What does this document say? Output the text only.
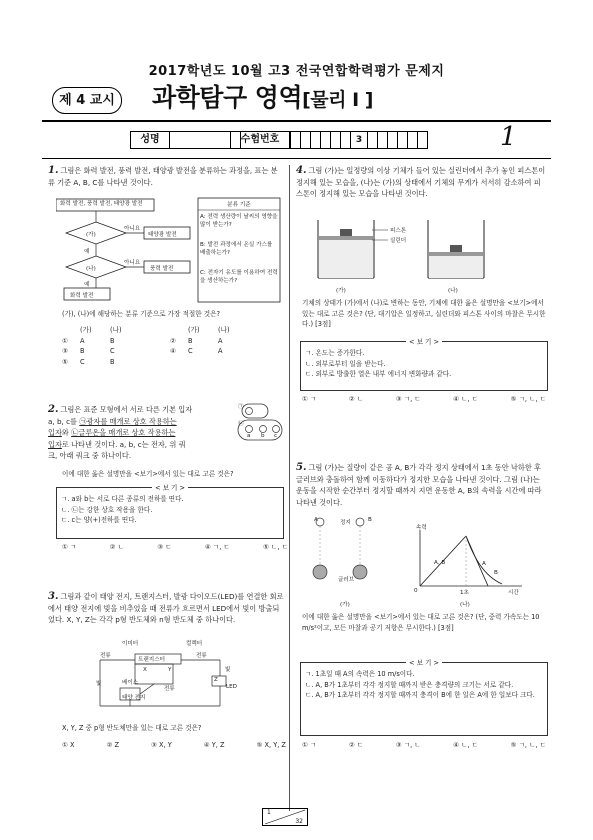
2017학년도 10월 고3 전국연합학력평가 문제지
제 4 교시 과학탐구 영역[물리 I ]
성명	수험번호	3	1
1. 그림은 화력 발전, 풍력 발전, 태양광 발전을 분류하는 과정을, 표는 분류 기준 A, B, C를 나타낸 것이다.
화력 발전, 풍력 발전, 태양광 발전
(가)
(나)
아니요
아니요
예
예
태양광 발전
풍력 발전
화력 발전
분류 기준
A: 전력 생산량이 날씨의 영향을 많이 받는가?
B: 발전 과정에서 온실 가스를 배출하는가?
C: 전자기 유도를 이용하여 전력을 생산하는가?
(가), (나)에 해당하는 분류 기준으로 가장 적절한 것은?
(가)	(나)	(가)	(나)
①	A	B	②	B	A
③	B	C	④	C	A
⑤	C	B
2. 그림은 표준 모형에서 서로 다른 기본 입자
a, b, c를 ㉠광자를 매개로 상호 작용하는
입자와 ㉡글루온을 매개로 상호 작용하는
입자로 나타낸 것이다. a, b, c는 전자, 위 쿼
크, 아래 쿼크 중 하나이다.
㉠
㉡
a b c
이에 대한 옳은 설명만을 <보기>에서 있는 대로 고른 것은?
< 보 기 >
ㄱ. a와 b는 서로 다른 종류의 전하를 띤다.
ㄴ. ㉡는 강한 상호 작용을 한다.
ㄷ. c는 양(+)전하를 띤다.
① ㄱ	② ㄴ	③ ㄷ	④ ㄱ, ㄷ	⑤ ㄴ, ㄷ
3. 그림과 같이 태양 전지, 트랜지스터, 발광 다이오드(LED)를 연결한 회로에서 태양 전지에 빛을 비추었을 때 전류가 흐르면서 LED에서 빛이 방출되었다. X, Y, Z는 각각 p형 반도체와 n형 반도체 중 하나이다.
이미터	컬렉터
전류
트랜지스터
전류
X	Y	빛
빛	베이스
전류
Z
LED
태양 전지
X, Y, Z 중 p형 반도체만을 있는 대로 고른 것은?
① X	② Z	③ X, Y	④ Y, Z	⑤ X, Y, Z
4. 그림 (가)는 일정량의 이상 기체가 들어 있는 실린더에서 추가 놓인 피스톤이 정지해 있는 모습을, (나)는 (가)의 상태에서 기체의 무게가 서서히 감소하여 피스톤이 정지해 있는 모습을 나타낸 것이다.
피스톤
실린더
(가)	(나)
기체의 상태가 (가)에서 (나)로 변하는 동안, 기체에 대한 옳은 설명만을 <보기>에서 있는 대로 고른 것은? (단, 대기압은 일정하고, 실린더와 피스톤 사이의 마찰은 무시한다.) [3점]
< 보 기 >
ㄱ. 온도는 증가한다.
ㄴ. 외부로부터 일을 받는다.
ㄷ. 외부로 방출한 열은 내부 에너지 변화량과 같다.
① ㄱ	② ㄴ	③ ㄱ, ㄷ	④ ㄴ, ㄷ	⑤ ㄱ, ㄴ, ㄷ
5. 그림 (가)는 질량이 같은 공 A, B가 각각 정지 상태에서 1초 동안 낙하한 후 글러브와 충돌하여 함께 이동하다가 정지한 모습을 나타낸 것이다. 그림 (나)는 운동을 시작한 순간부터 정지할 때까지 지면 운동한 A, B의 속력을 시간에 따라 나타낸 것이다.
A	B
정지
글러브
속력
A, B	A
B
0	1초	시간
(가)	(나)
이에 대한 옳은 설명만을 <보기>에서 있는 대로 고른 것은? (단, 중력 가속도는 10 m/s²이고, 모든 마찰과 공기 저항은 무시한다.) [3점]
< 보 기 >
ㄱ. 1초일 때 A의 속력은 10 m/s이다.
ㄴ. A, B가 1초부터 각각 정지할 때까지 받은 충격량의 크기는 서로 같다.
ㄷ. A, B가 1초부터 각각 정지할 때까지 충격이 B에 한 일은 A에 한 일보다 크다.
① ㄱ	② ㄷ	③ ㄱ, ㄴ	④ ㄴ, ㄷ	⑤ ㄱ, ㄴ, ㄷ
1
32
